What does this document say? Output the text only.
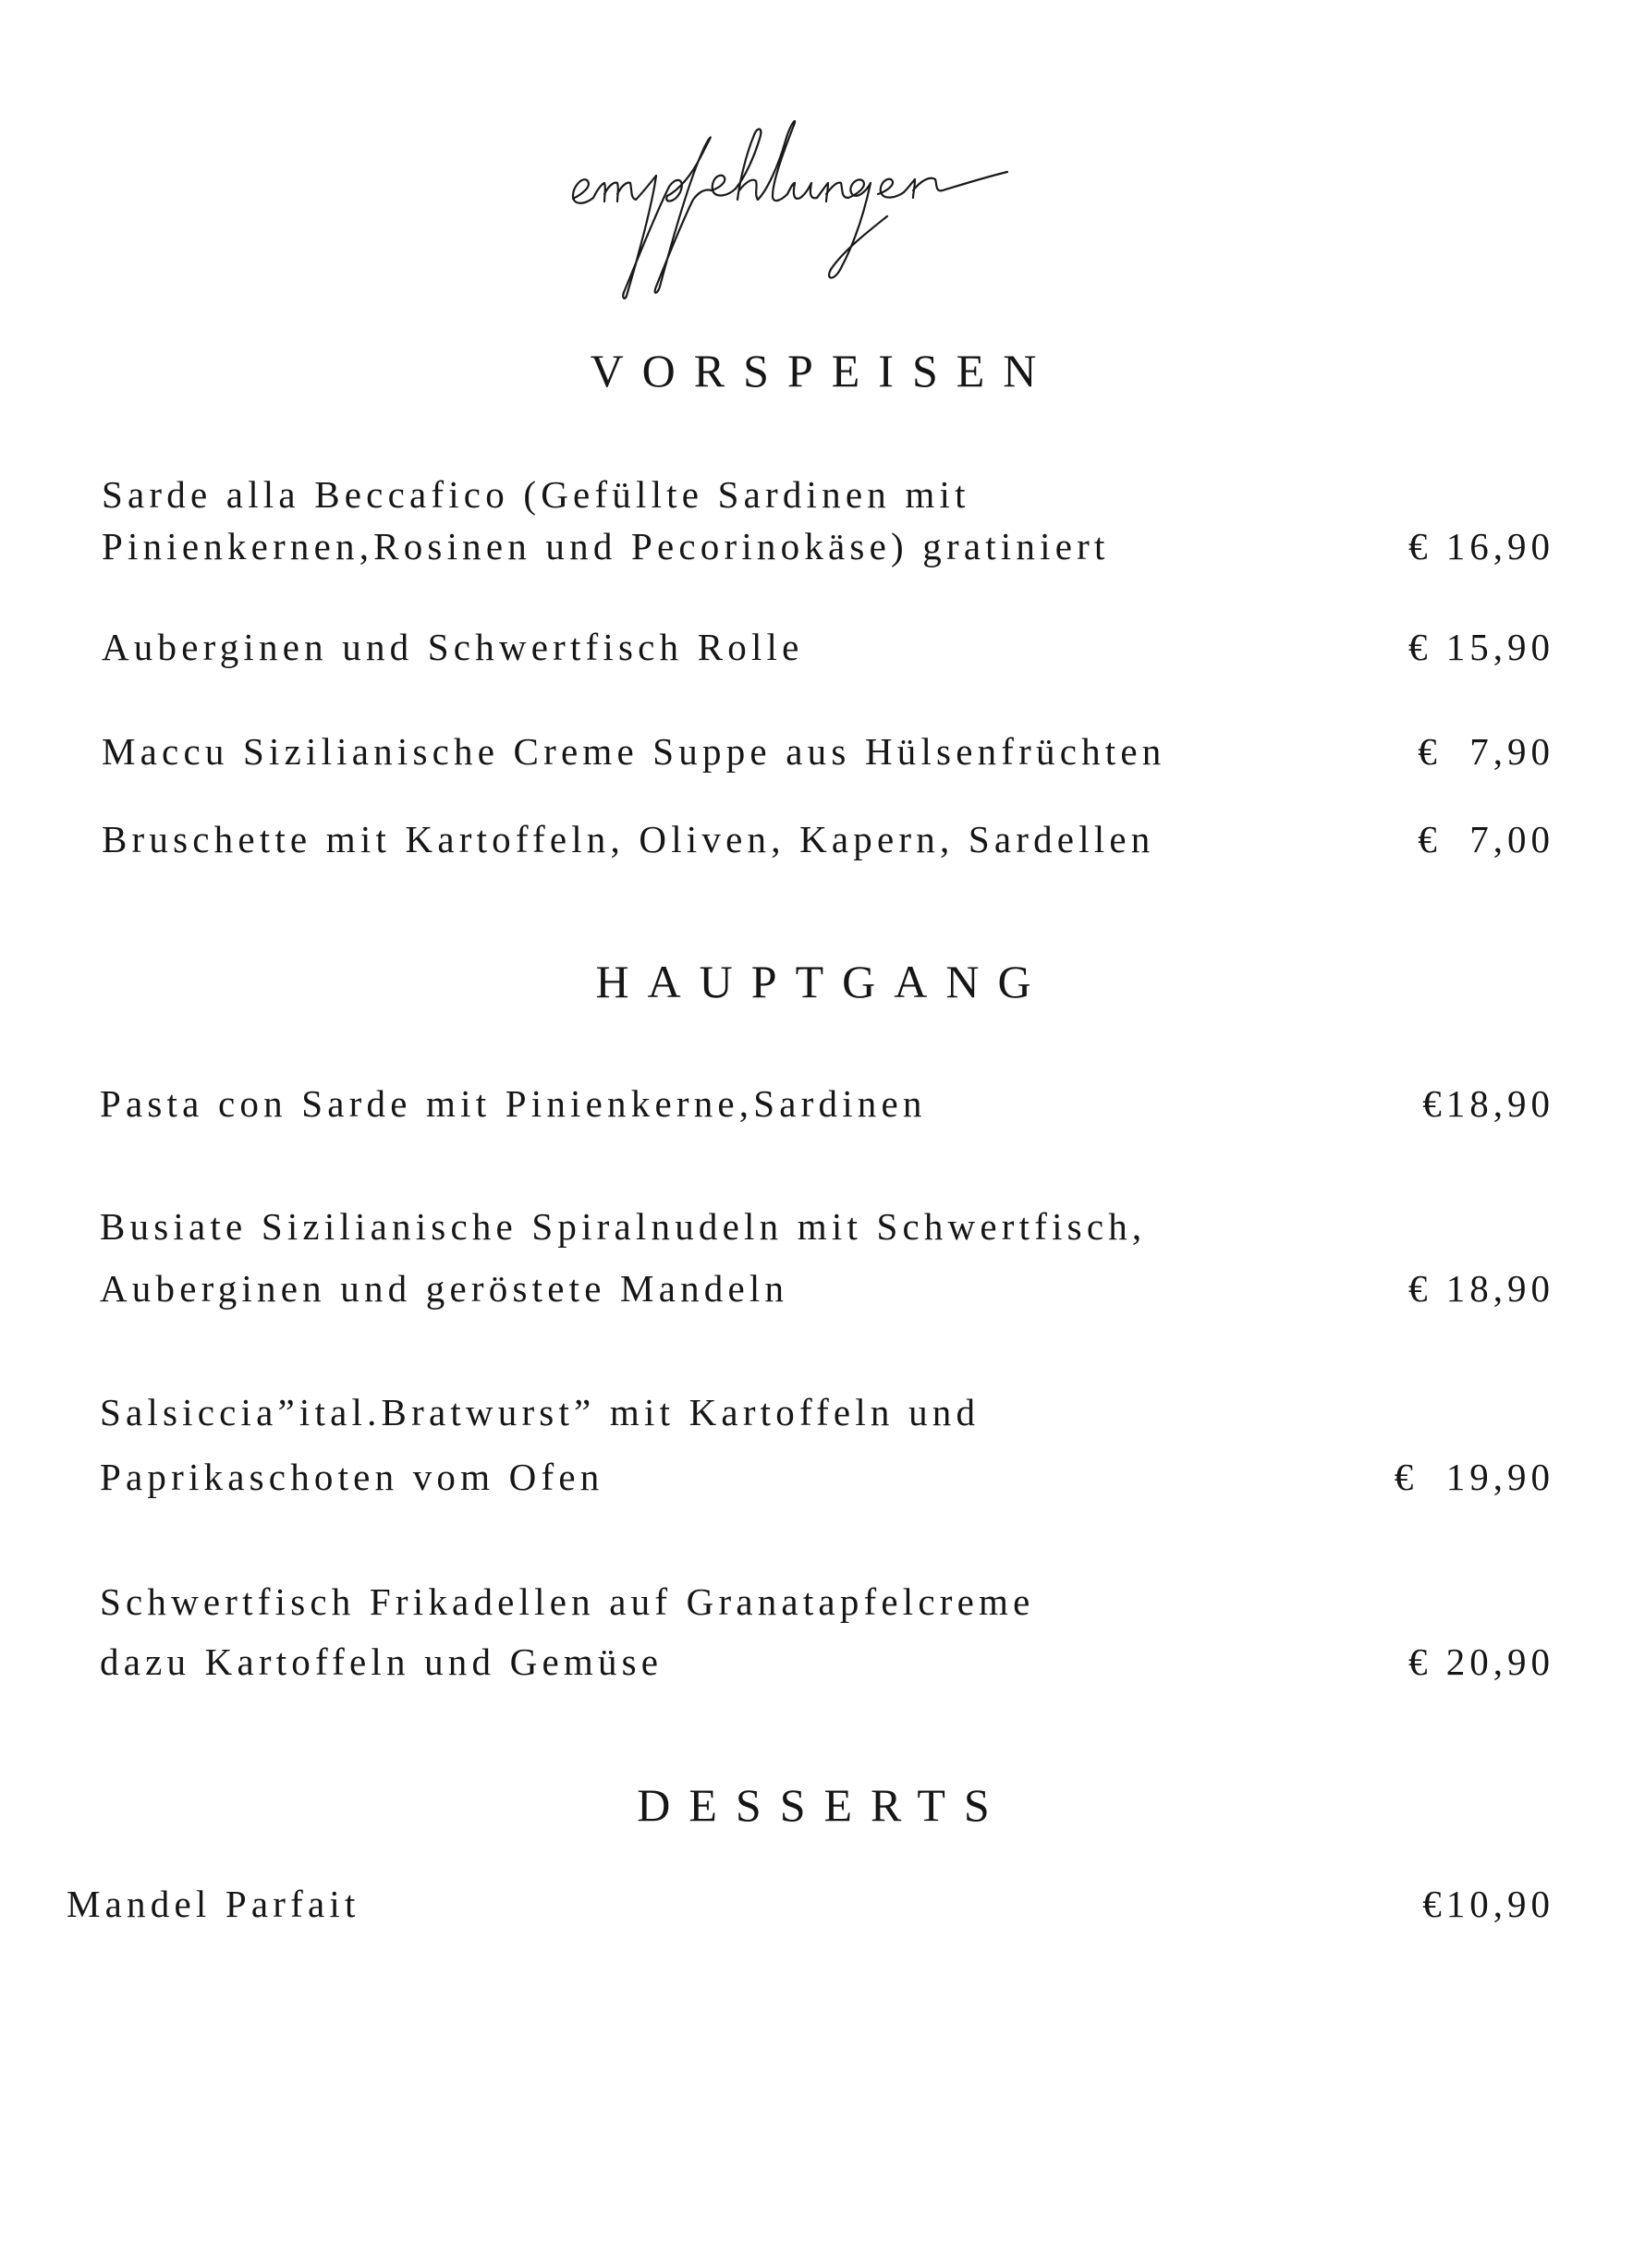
VORSPEISEN
HAUPTGANG
DESSERTS
Sarde alla Beccafico (Gefüllte Sardinen mit
Pinienkernen,Rosinen und Pecorinokäse) gratiniert	€ 16,90
Auberginen und Schwertfisch Rolle	€ 15,90
Maccu Sizilianische Creme Suppe aus Hülsenfrüchten	€  7,90
Bruschette mit Kartoffeln, Oliven, Kapern, Sardellen	€  7,00
Pasta con Sarde mit Pinienkerne,Sardinen	€18,90
Busiate Sizilianische Spiralnudeln mit Schwertfisch,
Auberginen und geröstete Mandeln	€ 18,90
Salsiccia”ital.Bratwurst” mit Kartoffeln und
Paprikaschoten vom Ofen	€  19,90
Schwertfisch Frikadellen auf Granatapfelcreme
dazu Kartoffeln und Gemüse	€ 20,90
Mandel Parfait	€10,90
